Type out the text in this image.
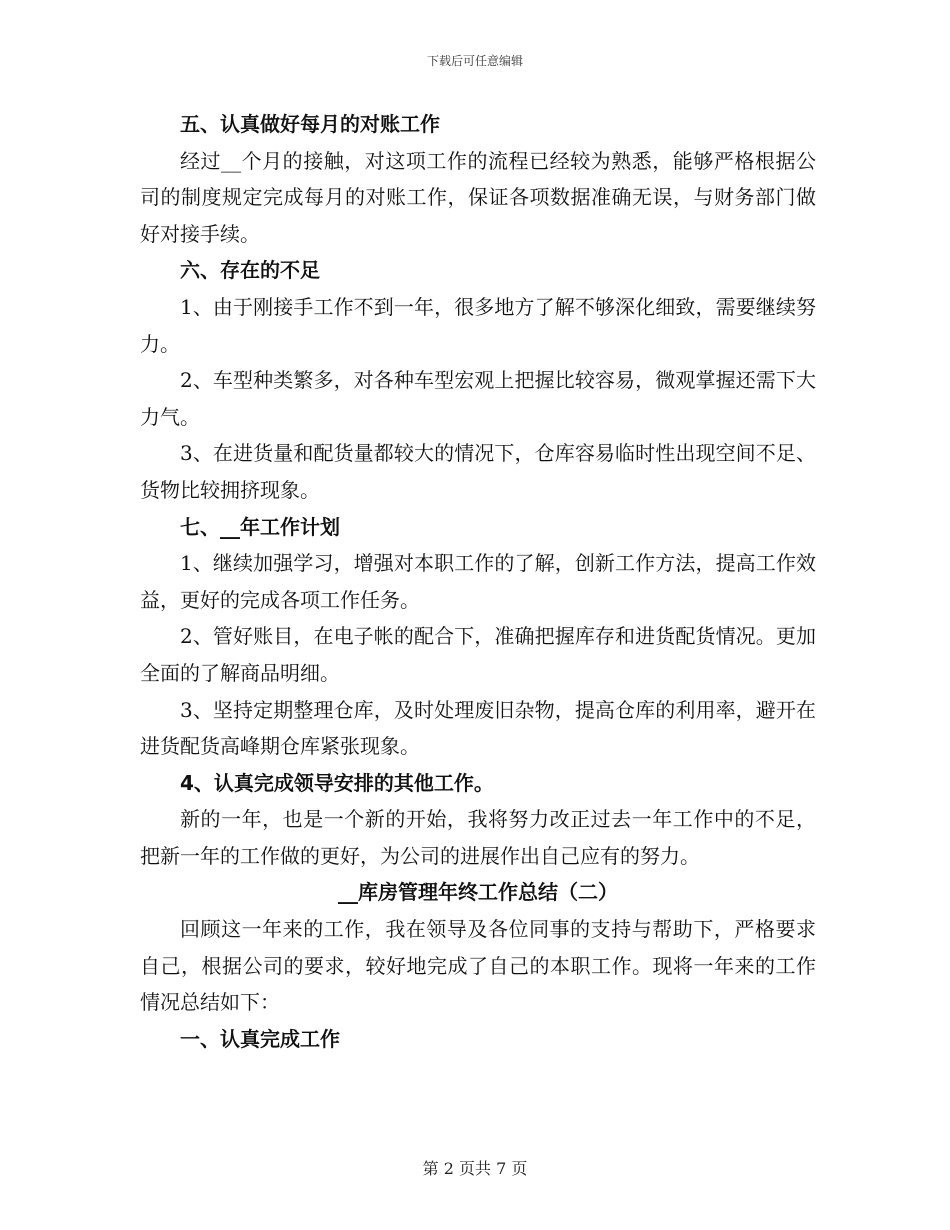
下载后可任意编辑

五、认真做好每月的对账工作

经过__个月的接触，对这项工作的流程已经较为熟悉，能够严格根据公司的制度规定完成每月的对账工作，保证各项数据准确无误，与财务部门做好对接手续。

六、存在的不足

1、由于刚接手工作不到一年，很多地方了解不够深化细致，需要继续努力。

2、车型种类繁多，对各种车型宏观上把握比较容易，微观掌握还需下大力气。

3、在进货量和配货量都较大的情况下，仓库容易临时性出现空间不足、货物比较拥挤现象。

七、__年工作计划

1、继续加强学习，增强对本职工作的了解，创新工作方法，提高工作效益，更好的完成各项工作任务。

2、管好账目，在电子帐的配合下，准确把握库存和进货配货情况。更加全面的了解商品明细。

3、坚持定期整理仓库，及时处理废旧杂物，提高仓库的利用率，避开在进货配货高峰期仓库紧张现象。

4、认真完成领导安排的其他工作。

新的一年，也是一个新的开始，我将努力改正过去一年工作中的不足，把新一年的工作做的更好，为公司的进展作出自己应有的努力。

__库房管理年终工作总结（二）

回顾这一年来的工作，我在领导及各位同事的支持与帮助下，严格要求自己，根据公司的要求，较好地完成了自己的本职工作。现将一年来的工作情况总结如下：

一、认真完成工作

第 2 页共 7 页
